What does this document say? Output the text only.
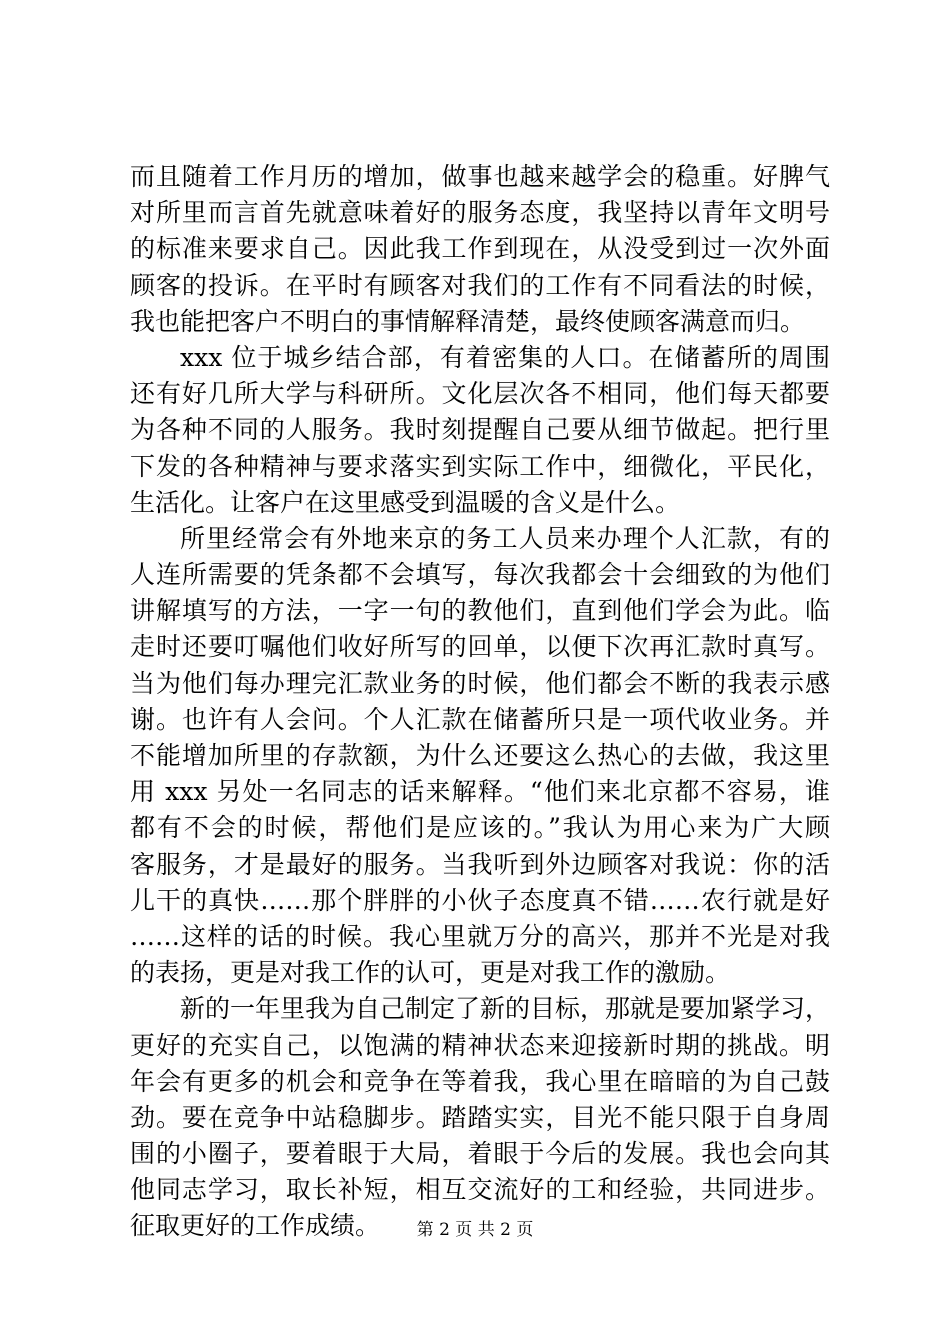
而且随着工作月历的增加，做事也越来越学会的稳重。好脾气
对所里而言首先就意味着好的服务态度，我坚持以青年文明号
的标准来要求自己。因此我工作到现在，从没受到过一次外面
顾客的投诉。在平时有顾客对我们的工作有不同看法的时候，
我也能把客户不明白的事情解释清楚，最终使顾客满意而归。
xxx 位于城乡结合部，有着密集的人口。在储蓄所的周围
还有好几所大学与科研所。文化层次各不相同，他们每天都要
为各种不同的人服务。我时刻提醒自己要从细节做起。把行里
下发的各种精神与要求落实到实际工作中，细微化，平民化，
生活化。让客户在这里感受到温暖的含义是什么。
所里经常会有外地来京的务工人员来办理个人汇款，有的
人连所需要的凭条都不会填写，每次我都会十会细致的为他们
讲解填写的方法，一字一句的教他们，直到他们学会为此。临
走时还要叮嘱他们收好所写的回单，以便下次再汇款时真写。
当为他们每办理完汇款业务的时候，他们都会不断的我表示感
谢。也许有人会问。个人汇款在储蓄所只是一项代收业务。并
不能增加所里的存款额，为什么还要这么热心的去做，我这里
用 xxx 另处一名同志的话来解释。“他们来北京都不容易，谁
都有不会的时候，帮他们是应该的。”我认为用心来为广大顾
客服务，才是最好的服务。当我听到外边顾客对我说：你的活
儿干的真快……那个胖胖的小伙子态度真不错……农行就是好
……这样的话的时候。我心里就万分的高兴，那并不光是对我
的表扬，更是对我工作的认可，更是对我工作的激励。
新的一年里我为自己制定了新的目标，那就是要加紧学习，
更好的充实自己，以饱满的精神状态来迎接新时期的挑战。明
年会有更多的机会和竞争在等着我，我心里在暗暗的为自己鼓
劲。要在竞争中站稳脚步。踏踏实实，目光不能只限于自身周
围的小圈子，要着眼于大局，着眼于今后的发展。我也会向其
他同志学习，取长补短，相互交流好的工和经验，共同进步。
征取更好的工作成绩。	第 2 页 共 2 页
